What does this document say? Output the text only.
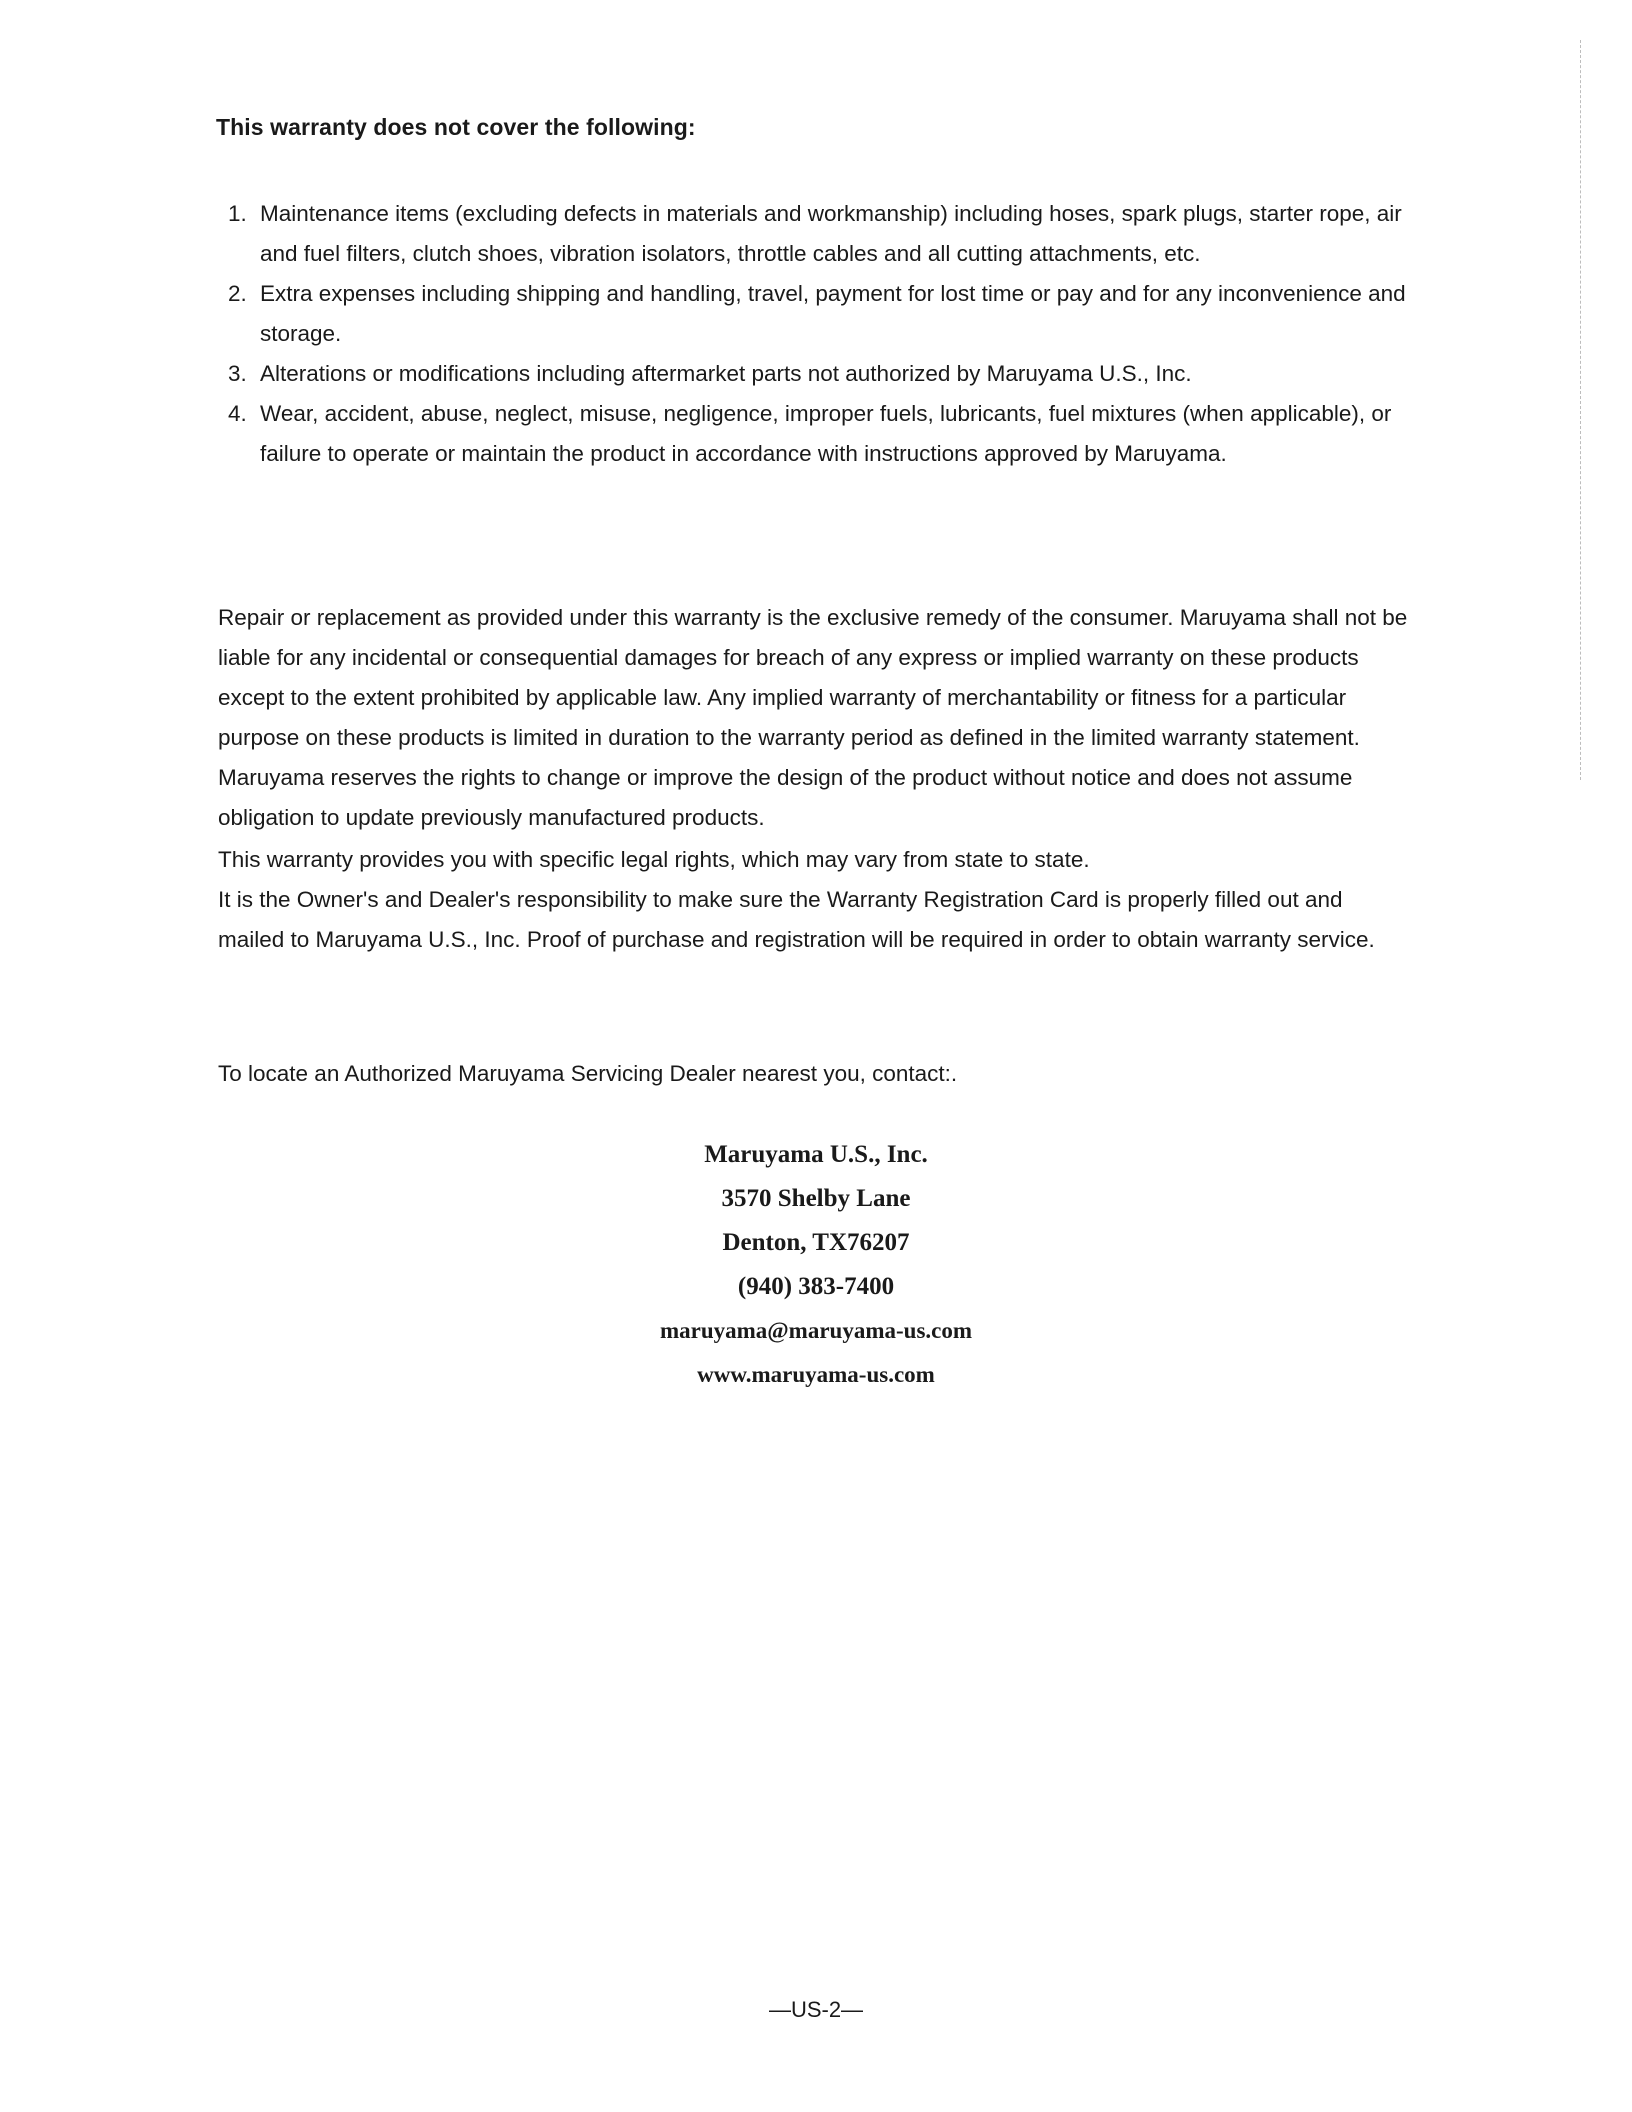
This warranty does not cover the following:
1. Maintenance items (excluding defects in materials and workmanship) including hoses, spark plugs, starter rope, air and fuel filters, clutch shoes, vibration isolators, throttle cables and all cutting attachments, etc.
2. Extra expenses including shipping and handling, travel, payment for lost time or pay and for any inconvenience and storage.
3. Alterations or modifications including aftermarket parts not authorized by Maruyama U.S., Inc.
4. Wear, accident, abuse, neglect, misuse, negligence, improper fuels, lubricants, fuel mixtures (when applicable), or failure to operate or maintain the product in accordance with instructions approved by Maruyama.

Repair or replacement as provided under this warranty is the exclusive remedy of the consumer. Maruyama shall not be liable for any incidental or consequential damages for breach of any express or implied warranty on these products except to the extent prohibited by applicable law. Any implied warranty of merchantability or fitness for a particular purpose on these products is limited in duration to the warranty period as defined in the limited warranty statement. Maruyama reserves the rights to change or improve the design of the product without notice and does not assume obligation to update previously manufactured products.

This warranty provides you with specific legal rights, which may vary from state to state.

It is the Owner's and Dealer's responsibility to make sure the Warranty Registration Card is properly filled out and mailed to Maruyama U.S., Inc. Proof of purchase and registration will be required in order to obtain warranty service.

To locate an Authorized Maruyama Servicing Dealer nearest you, contact:.

Maruyama U.S., Inc.
3570 Shelby Lane
Denton, TX76207
(940) 383-7400
maruyama@maruyama-us.com
www.maruyama-us.com
—US-2—
